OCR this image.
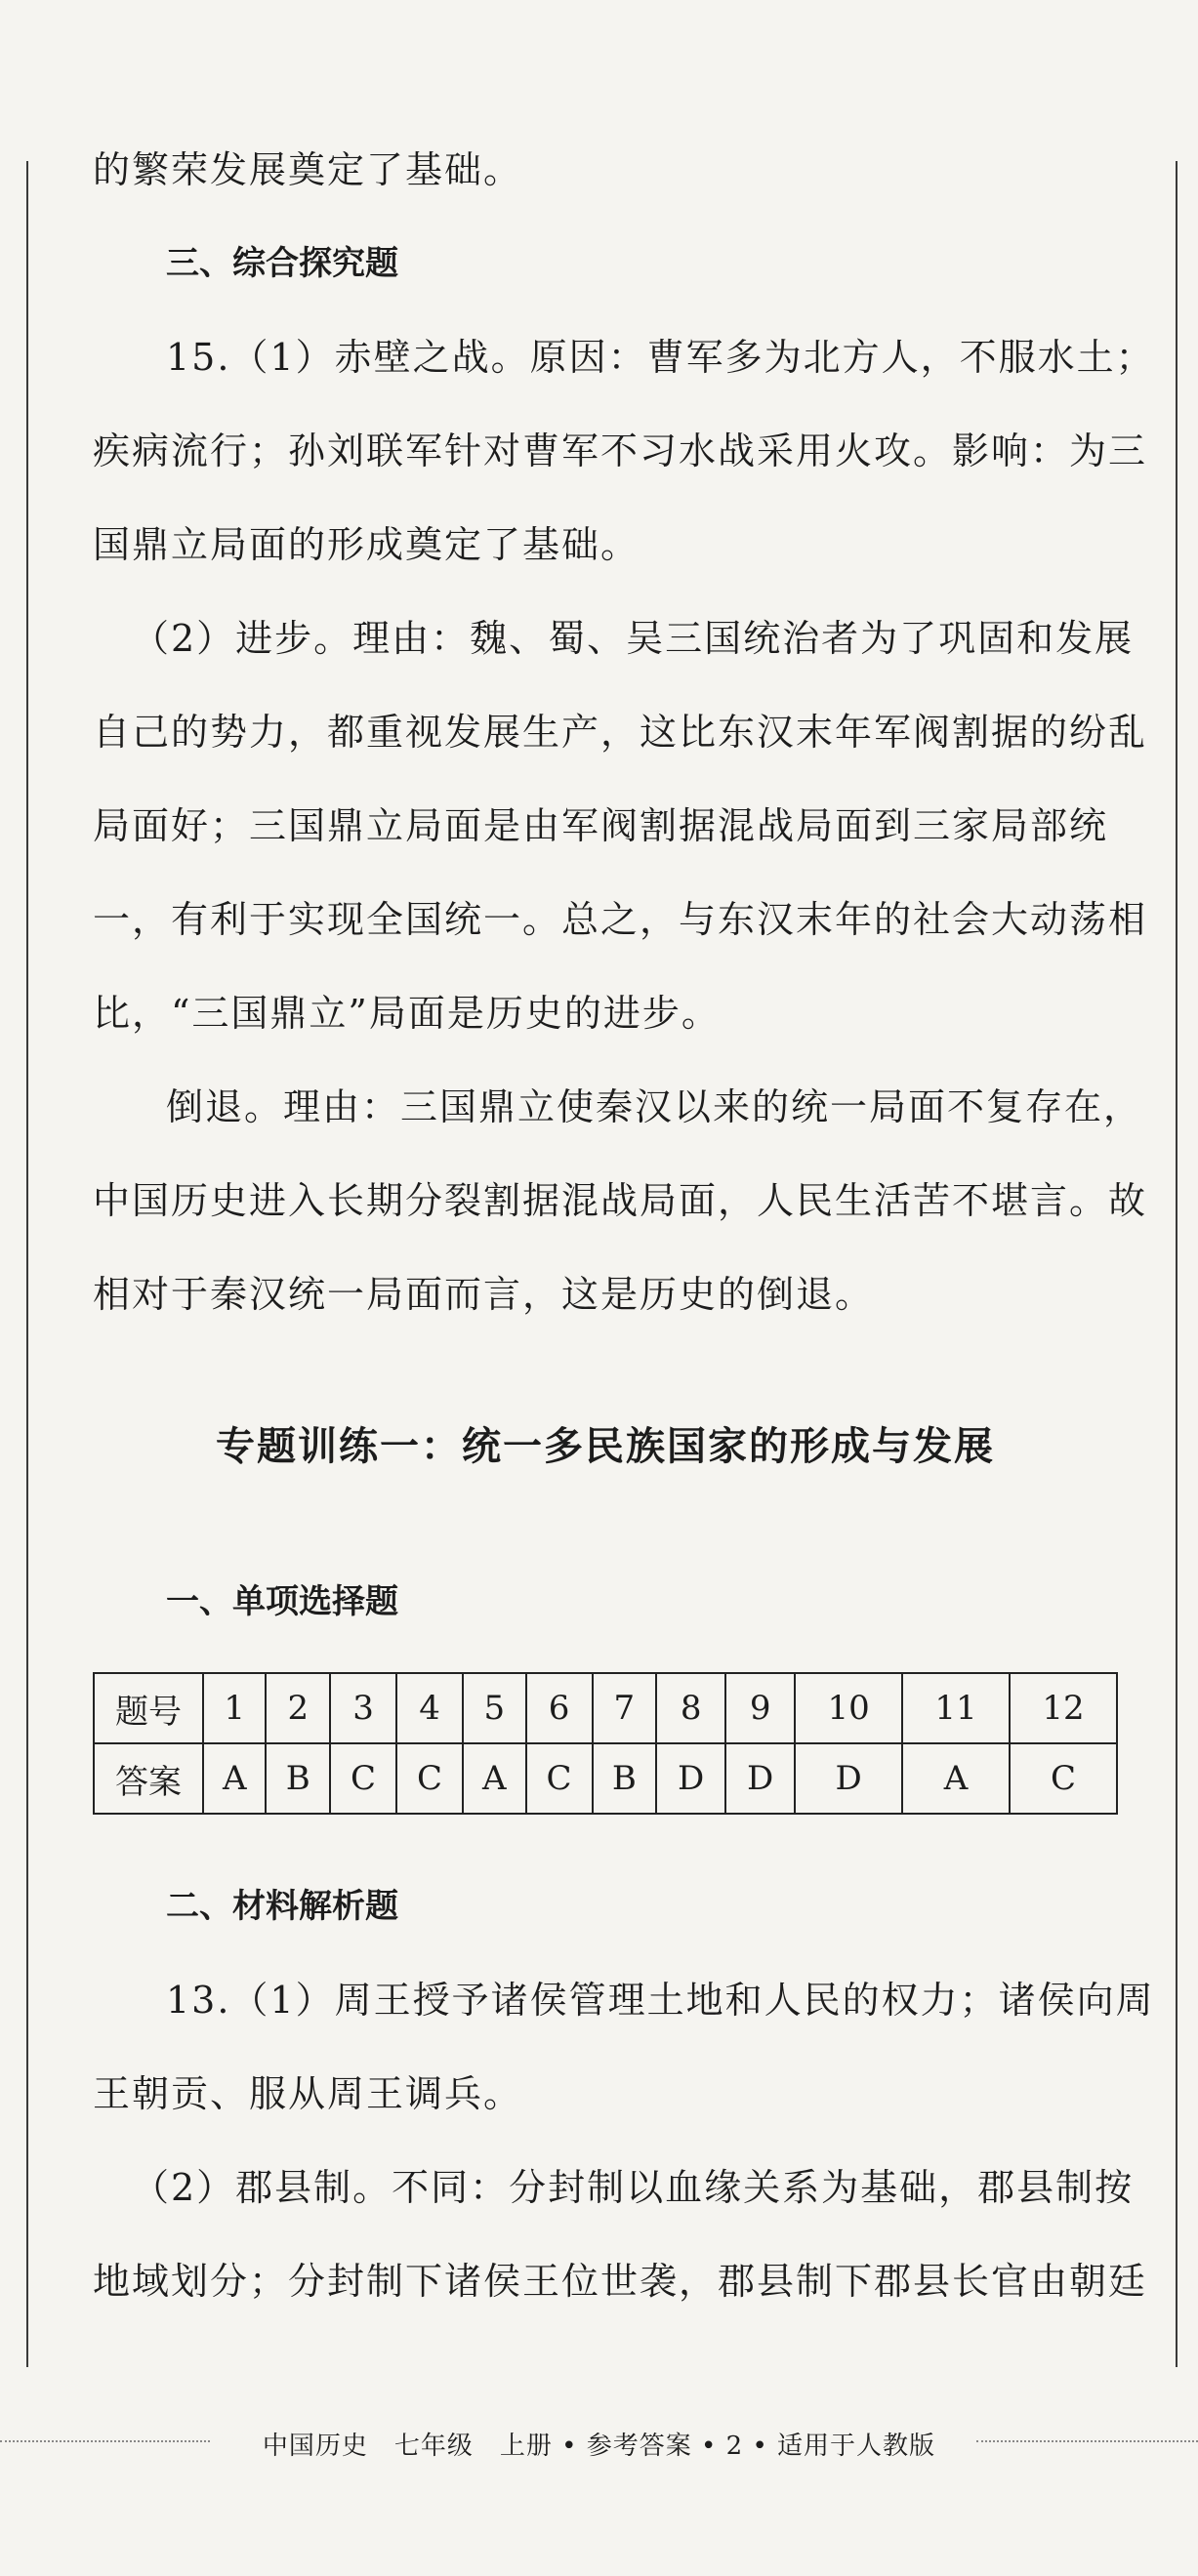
的繁荣发展奠定了基础。
三、综合探究题
15.（1）赤壁之战。原因：曹军多为北方人，不服水土；
疾病流行；孙刘联军针对曹军不习水战采用火攻。影响：为三
国鼎立局面的形成奠定了基础。
（2）进步。理由：魏、蜀、吴三国统治者为了巩固和发展
自己的势力，都重视发展生产，这比东汉末年军阀割据的纷乱
局面好；三国鼎立局面是由军阀割据混战局面到三家局部统
一，有利于实现全国统一。总之，与东汉末年的社会大动荡相
比，“三国鼎立”局面是历史的进步。
倒退。理由：三国鼎立使秦汉以来的统一局面不复存在，
中国历史进入长期分裂割据混战局面，人民生活苦不堪言。故
相对于秦汉统一局面而言，这是历史的倒退。
专题训练一：统一多民族国家的形成与发展
一、单项选择题
题号	1	2	3	4	5	6	7	8	9	10	11	12
答案	A	B	C	C	A	C	B	D	D	D	A	C
二、材料解析题
13.（1）周王授予诸侯管理土地和人民的权力；诸侯向周
王朝贡、服从周王调兵。
（2）郡县制。不同：分封制以血缘关系为基础，郡县制按
地域划分；分封制下诸侯王位世袭，郡县制下郡县长官由朝廷
中国历史　七年级　上册 • 参考答案 • 2 • 适用于人教版
